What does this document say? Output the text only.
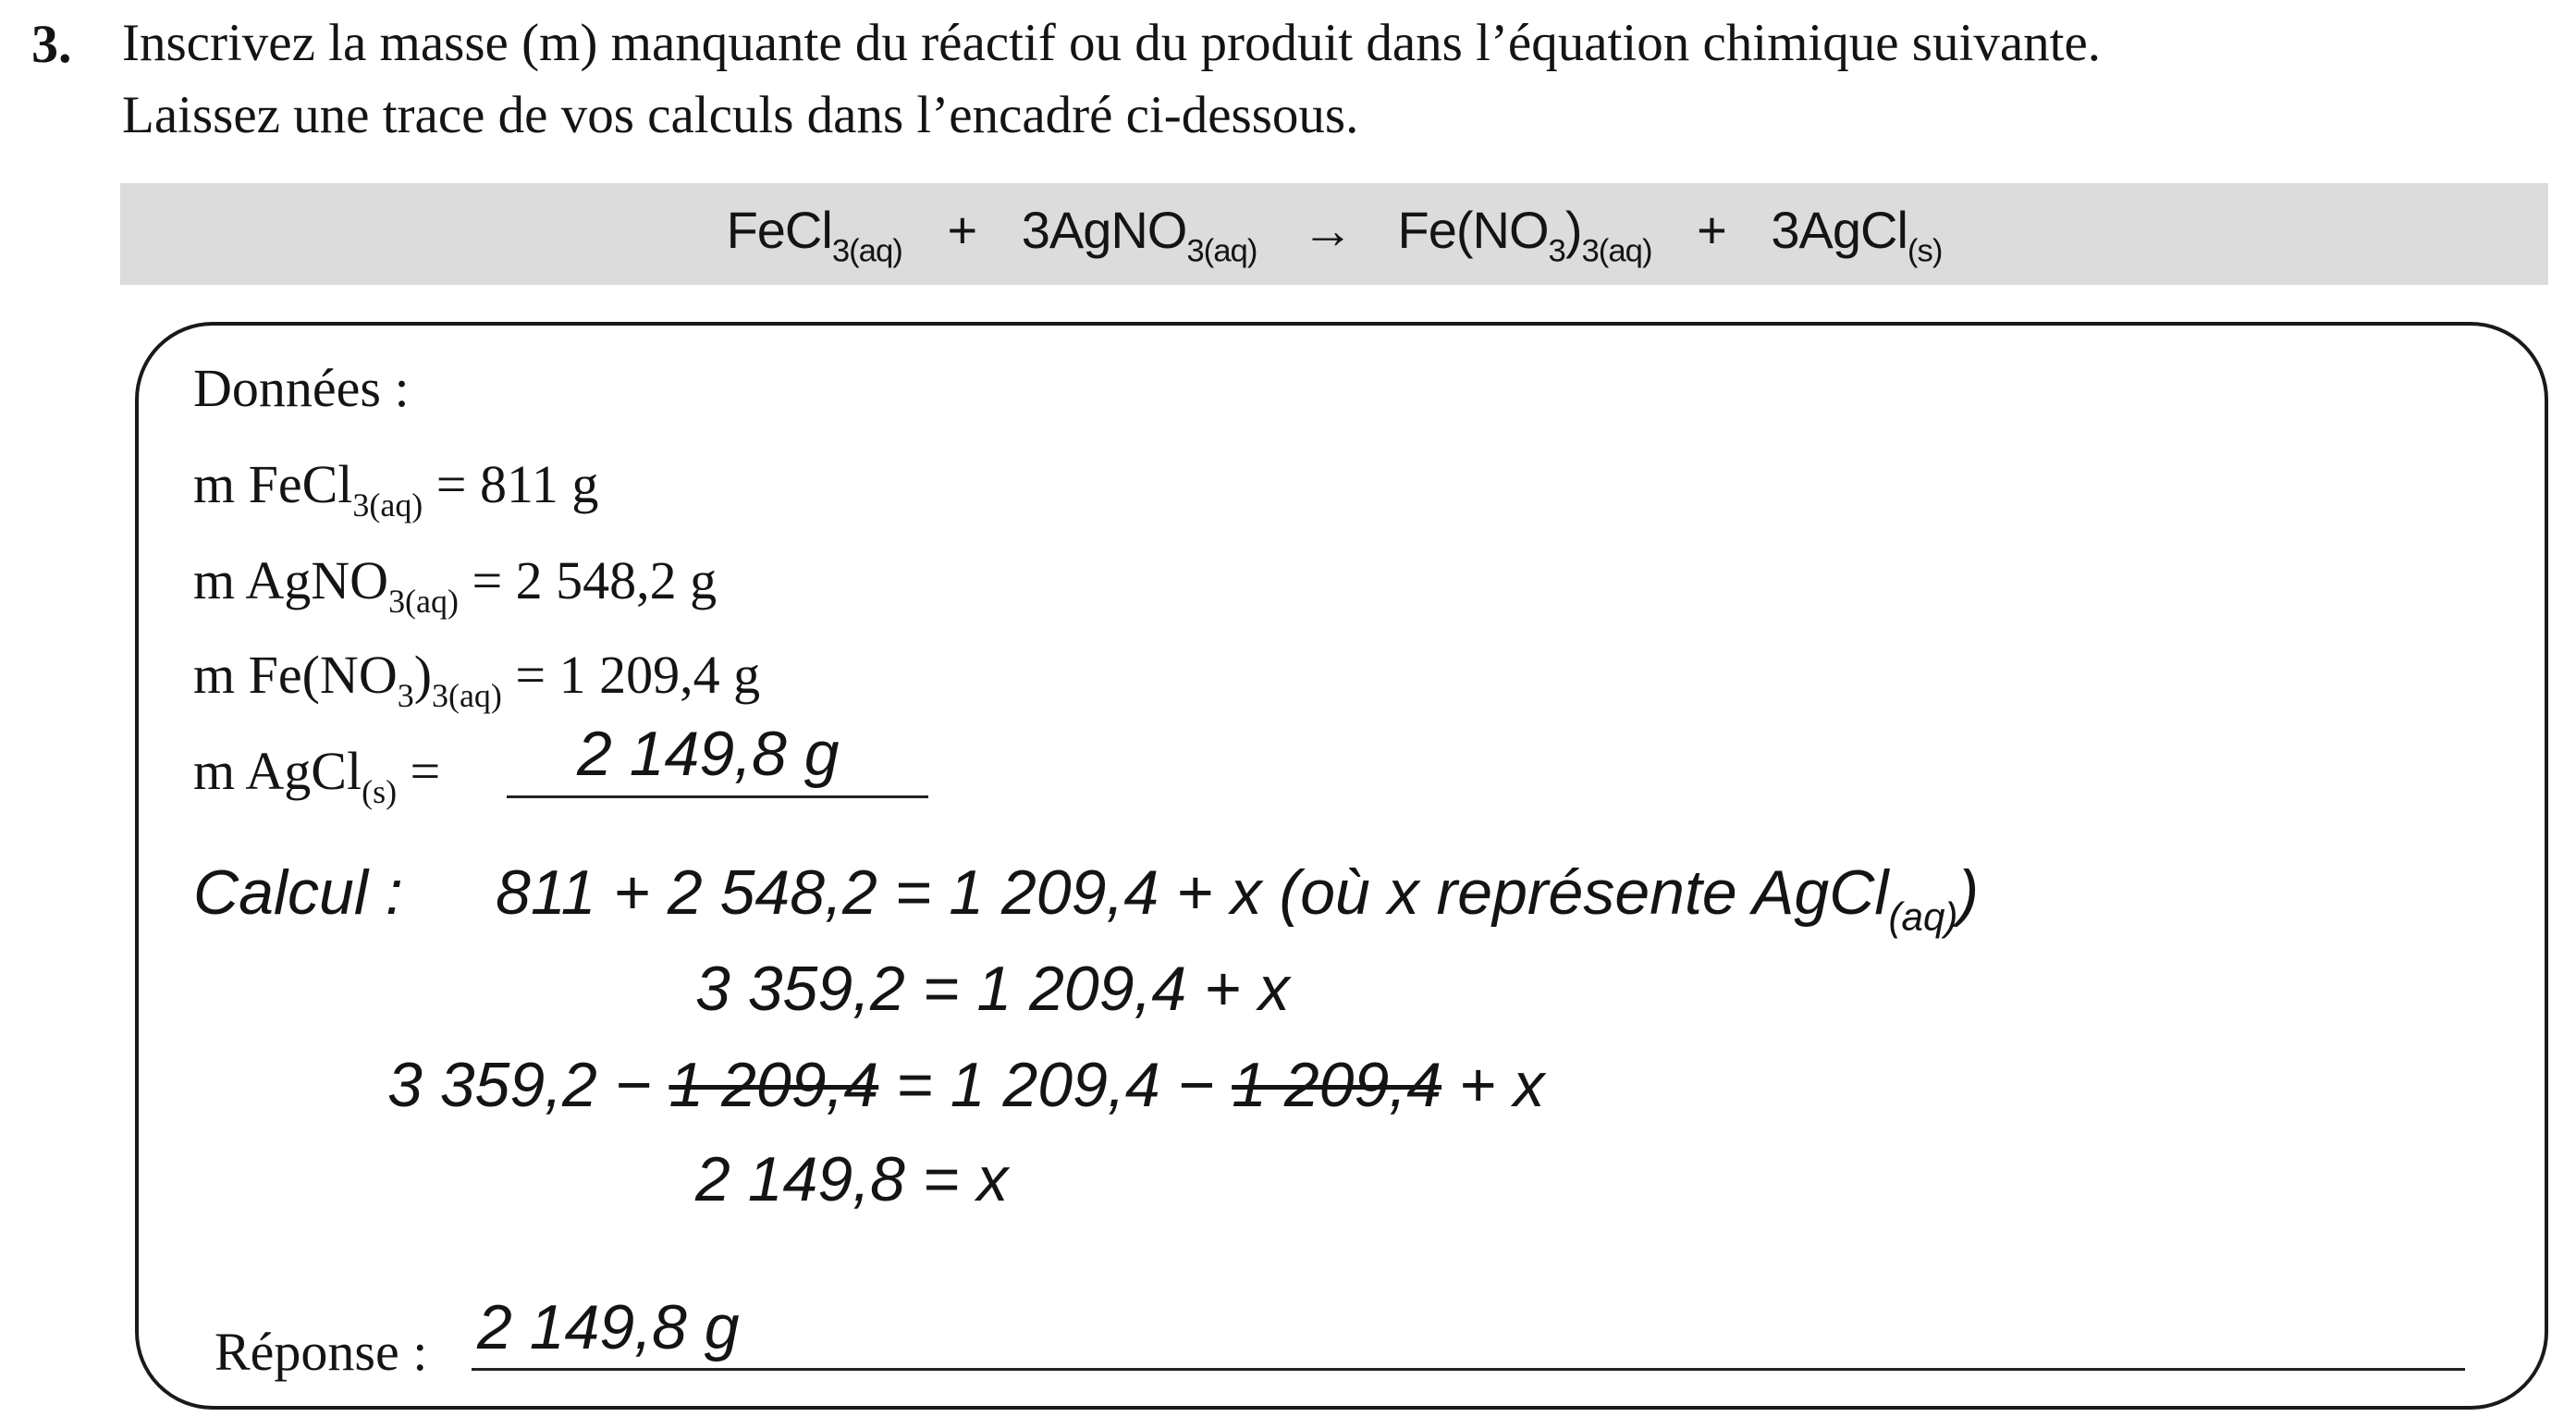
3. Inscrivez la masse (m) manquante du réactif ou du produit dans l’équation chimique suivante.
Laissez une trace de vos calculs dans l’encadré ci-dessous.
FeCl$_{3(aq)}$ + 3AgNO$_{3(aq)}$ → $Fe(NO_3)_{3(aq)}$ + 3AgCl$_{(s)}$
Données :
m FeCl$_{3(aq)}$ = 811 g
m AgNO$_{3(aq)}$ = 2 548,2 g
m $Fe(NO_3)_{3(aq)} = 1$ 209,4 g
m AgCl$_{(s)}$ = 2 149,8 g
Calcul : 811 + 2 548,2 = 1 209,4 + x (où x représente AgCl$_{(aq)}$)
3 359,2 = 1 209,4 + x
3 359,2 − 1 209,4 = 1 209,4 − 1 209,4 + x
2 149,8 = x
Réponse : 2 149,8 g
